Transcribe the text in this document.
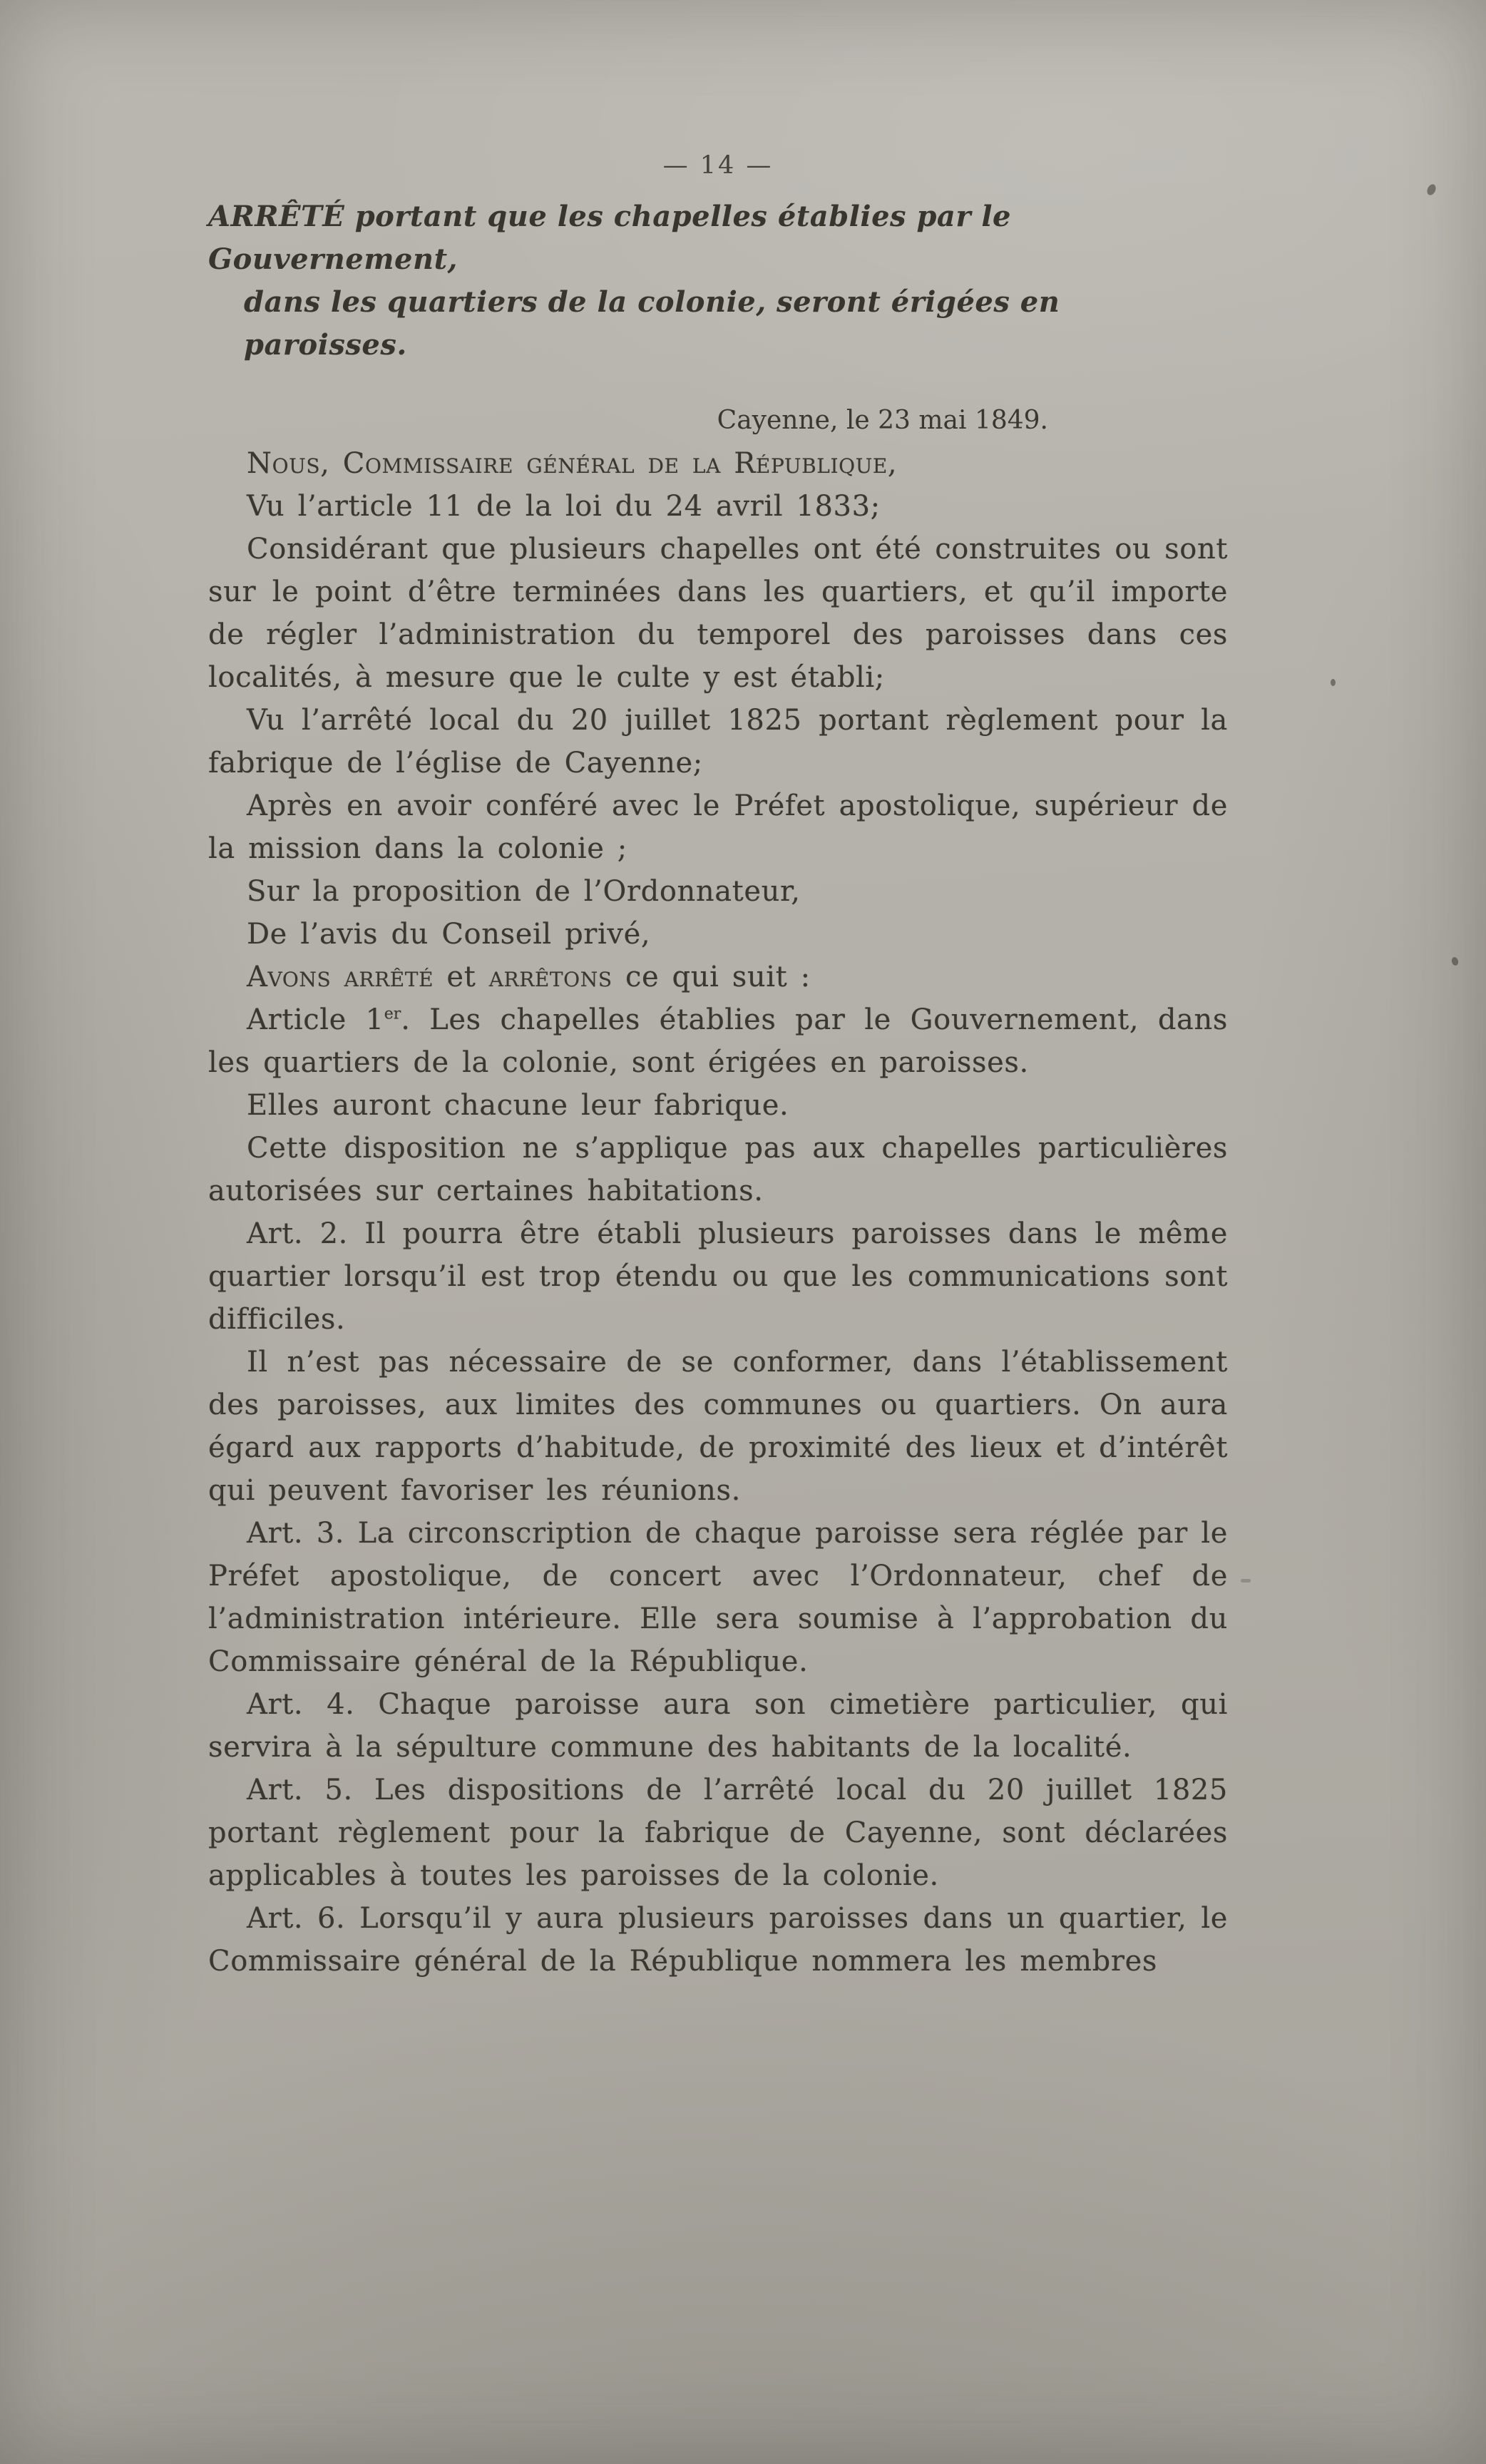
— 14 —
ARRÊTÉ portant que les chapelles établies par le Gouvernement,
dans les quartiers de la colonie, seront érigées en paroisses.
Cayenne, le 23 mai 1849.

Nous, Commissaire général de la République,

Vu l’article 11 de la loi du 24 avril 1833;

Considérant que plusieurs chapelles ont été construites ou sont sur le point d’être terminées dans les quartiers, et qu’il importe de régler l’administration du temporel des paroisses dans ces localités, à mesure que le culte y est établi;

Vu l’arrêté local du 20 juillet 1825 portant règlement pour la fabrique de l’église de Cayenne;

Après en avoir conféré avec le Préfet apostolique, supérieur de la mission dans la colonie ;

Sur la proposition de l’Ordonnateur,

De l’avis du Conseil privé,

Avons arrêté et arrêtons ce qui suit :

Article 1er. Les chapelles établies par le Gouvernement, dans les quartiers de la colonie, sont érigées en paroisses.

Elles auront chacune leur fabrique.

Cette disposition ne s’applique pas aux chapelles particulières autorisées sur certaines habitations.

Art. 2. Il pourra être établi plusieurs paroisses dans le même quartier lorsqu’il est trop étendu ou que les communications sont difficiles.

Il n’est pas nécessaire de se conformer, dans l’établissement des paroisses, aux limites des communes ou quartiers. On aura égard aux rapports d’habitude, de proximité des lieux et d’intérêt qui peuvent favoriser les réunions.

Art. 3. La circonscription de chaque paroisse sera réglée par le Préfet apostolique, de concert avec l’Ordonnateur, chef de l’administration intérieure. Elle sera soumise à l’approbation du Commissaire général de la République.

Art. 4. Chaque paroisse aura son cimetière particulier, qui servira à la sépulture commune des habitants de la localité.

Art. 5. Les dispositions de l’arrêté local du 20 juillet 1825 portant règlement pour la fabrique de Cayenne, sont déclarées applicables à toutes les paroisses de la colonie.

Art. 6. Lorsqu’il y aura plusieurs paroisses dans un quartier, le Commissaire général de la République nommera les membres
